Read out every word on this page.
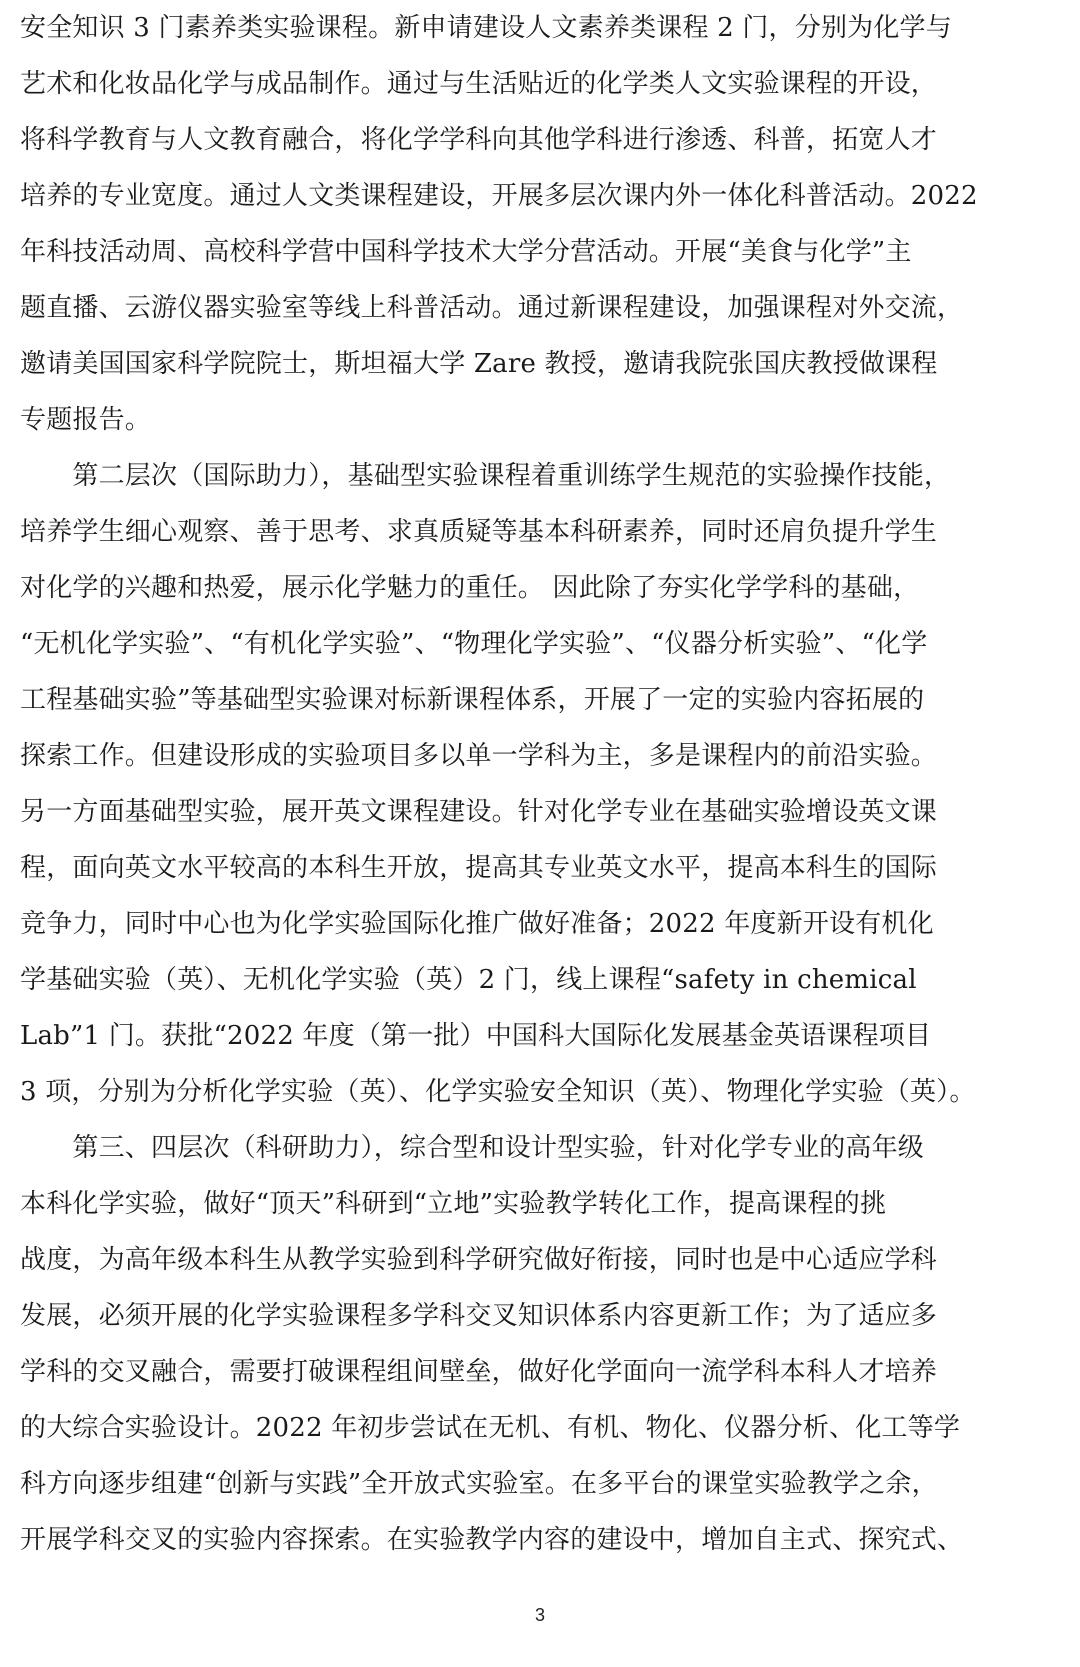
安全知识 3 门素养类实验课程。新申请建设人文素养类课程 2 门，分别为化学与
艺术和化妆品化学与成品制作。通过与生活贴近的化学类人文实验课程的开设，
将科学教育与人文教育融合，将化学学科向其他学科进行渗透、科普，拓宽人才
培养的专业宽度。通过人文类课程建设，开展多层次课内外一体化科普活动。2022
年科技活动周、高校科学营中国科学技术大学分营活动。开展“美食与化学”主
题直播、云游仪器实验室等线上科普活动。通过新课程建设，加强课程对外交流，
邀请美国国家科学院院士，斯坦福大学 Zare 教授，邀请我院张国庆教授做课程
专题报告。
　　第二层次（国际助力），基础型实验课程着重训练学生规范的实验操作技能，
培养学生细心观察、善于思考、求真质疑等基本科研素养，同时还肩负提升学生
对化学的兴趣和热爱，展示化学魅力的重任。 因此除了夯实化学学科的基础，
“无机化学实验”、“有机化学实验”、“物理化学实验”、“仪器分析实验”、“化学
工程基础实验”等基础型实验课对标新课程体系，开展了一定的实验内容拓展的
探索工作。但建设形成的实验项目多以单一学科为主，多是课程内的前沿实验。
另一方面基础型实验，展开英文课程建设。针对化学专业在基础实验增设英文课
程，面向英文水平较高的本科生开放，提高其专业英文水平，提高本科生的国际
竞争力，同时中心也为化学实验国际化推广做好准备；2022 年度新开设有机化
学基础实验（英）、无机化学实验（英）2 门，线上课程“safety in chemical
Lab”1 门。获批“2022 年度（第一批）中国科大国际化发展基金英语课程项目
3 项，分别为分析化学实验（英）、化学实验安全知识（英）、物理化学实验（英）。
　　第三、四层次（科研助力），综合型和设计型实验，针对化学专业的高年级
本科化学实验，做好“顶天”科研到“立地”实验教学转化工作，提高课程的挑
战度，为高年级本科生从教学实验到科学研究做好衔接，同时也是中心适应学科
发展，必须开展的化学实验课程多学科交叉知识体系内容更新工作；为了适应多
学科的交叉融合，需要打破课程组间壁垒，做好化学面向一流学科本科人才培养
的大综合实验设计。2022 年初步尝试在无机、有机、物化、仪器分析、化工等学
科方向逐步组建“创新与实践”全开放式实验室。在多平台的课堂实验教学之余，
开展学科交叉的实验内容探索。在实验教学内容的建设中，增加自主式、探究式、
3
